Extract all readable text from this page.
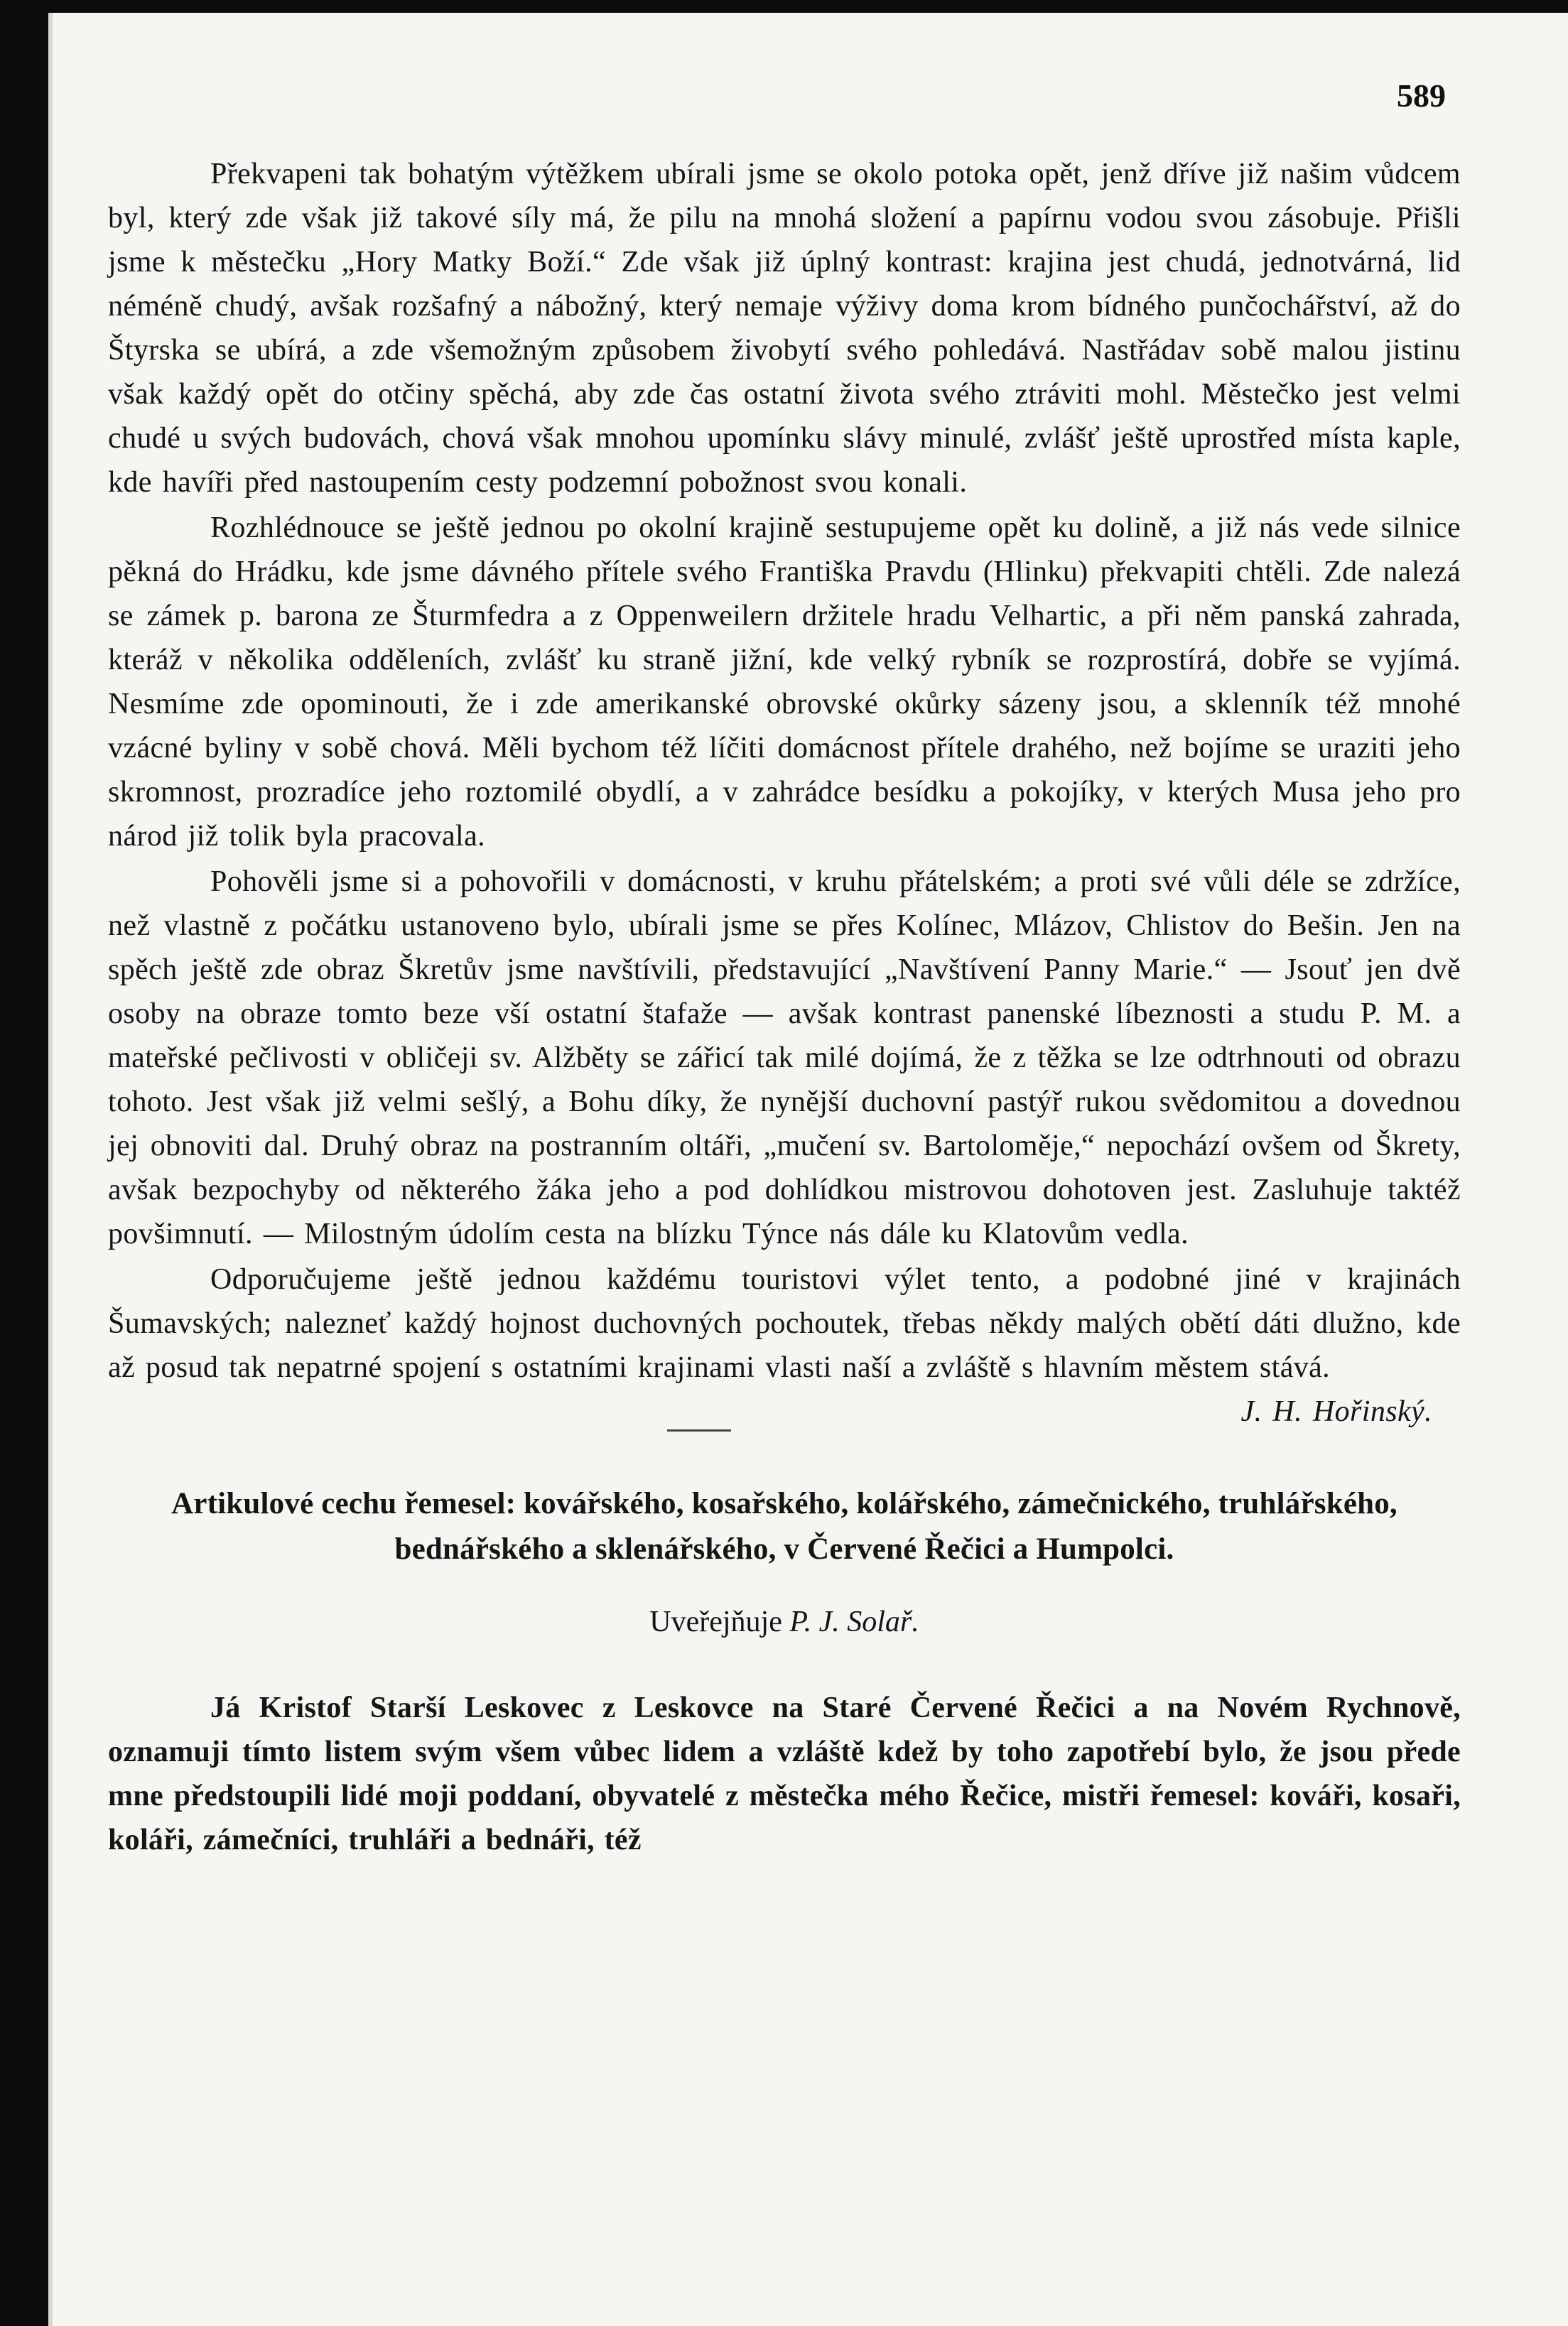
589

Překvapeni tak bohatým výtěžkem ubírali jsme se okolo potoka opět, jenž dříve již našim vůdcem byl, který zde však již takové síly má, že pilu na mnohá složení a papírnu vodou svou zásobuje. Přišli jsme k městečku „Hory Matky Boží.“ Zde však již úplný kontrast: krajina jest chudá, jednotvárná, lid néméně chudý, avšak rozšafný a nábožný, který nemaje výživy doma krom bídného punčochářství, až do Štyrska se ubírá, a zde všemožným způsobem živobytí svého pohledává. Nastřádav sobě malou jistinu však každý opět do otčiny spěchá, aby zde čas ostatní života svého ztráviti mohl. Městečko jest velmi chudé u svých budovách, chová však mnohou upomínku slávy minulé, zvlášť ještě uprostřed místa kaple, kde havíři před nastoupením cesty podzemní pobožnost svou konali.

Rozhlédnouce se ještě jednou po okolní krajině sestupujeme opět ku dolině, a již nás vede silnice pěkná do Hrádku, kde jsme dávného přítele svého Františka Pravdu (Hlinku) překvapiti chtěli. Zde nalezá se zámek p. barona ze Šturmfedra a z Oppenweilern držitele hradu Velhartic, a při něm panská zahrada, kteráž v několika odděleních, zvlášť ku straně jižní, kde velký rybník se rozprostírá, dobře se vyjímá. Nesmíme zde opominouti, že i zde amerikanské obrovské okůrky sázeny jsou, a sklenník též mnohé vzácné byliny v sobě chová. Měli bychom též líčiti domácnost přítele drahého, než bojíme se uraziti jeho skromnost, prozradíce jeho roztomilé obydlí, a v zahrádce besídku a pokojíky, v kterých Musa jeho pro národ již tolik byla pracovala.

Pohověli jsme si a pohovořili v domácnosti, v kruhu přátelském; a proti své vůli déle se zdržíce, než vlastně z počátku ustanoveno bylo, ubírali jsme se přes Kolínec, Mlázov, Chlistov do Bešin. Jen na spěch ještě zde obraz Škretův jsme navštívili, představující „Navštívení Panny Marie.“ — Jsouť jen dvě osoby na obraze tomto beze vší ostatní štafaže — avšak kontrast panenské líbeznosti a studu P. M. a mateřské pečlivosti v obličeji sv. Alžběty se zářicí tak milé dojímá, že z těžka se lze odtrhnouti od obrazu tohoto. Jest však již velmi sešlý, a Bohu díky, že nynější duchovní pastýř rukou svědomitou a dovednou jej obnoviti dal. Druhý obraz na postranním oltáři, „mučení sv. Bartoloměje,“ nepochází ovšem od Škrety, avšak bezpochyby od některého žáka jeho a pod dohlídkou mistrovou dohotoven jest. Zasluhuje taktéž povšimnutí. — Milostným údolím cesta na blízku Týnce nás dále ku Klatovům vedla.

Odporučujeme ještě jednou každému touristovi výlet tento, a podobné jiné v krajinách Šumavských; nalezneť každý hojnost duchovných pochoutek, třebas někdy malých obětí dáti dlužno, kde až posud tak nepatrné spojení s ostatními krajinami vlasti naší a zvláště s hlavním městem stává.
J. H. Hořinský.

Artikulové cechu řemesel: kovářského, kosařského, kolářského, zámečnického, truhlářského, bednářského a sklenářského, v Červené Řečici a Humpolci.
Uveřejňuje P. J. Solař.

Já Kristof Starší Leskovec z Leskovce na Staré Červené Řečici a na Novém Rychnově, oznamuji tímto listem svým všem vůbec lidem a vzláště kdež by toho zapotřebí bylo, že jsou přede mne předstoupili lidé moji poddaní, obyvatelé z městečka mého Řečice, mistři řemesel: kováři, kosaři, koláři, zámečníci, truhláři a bednáři, též
